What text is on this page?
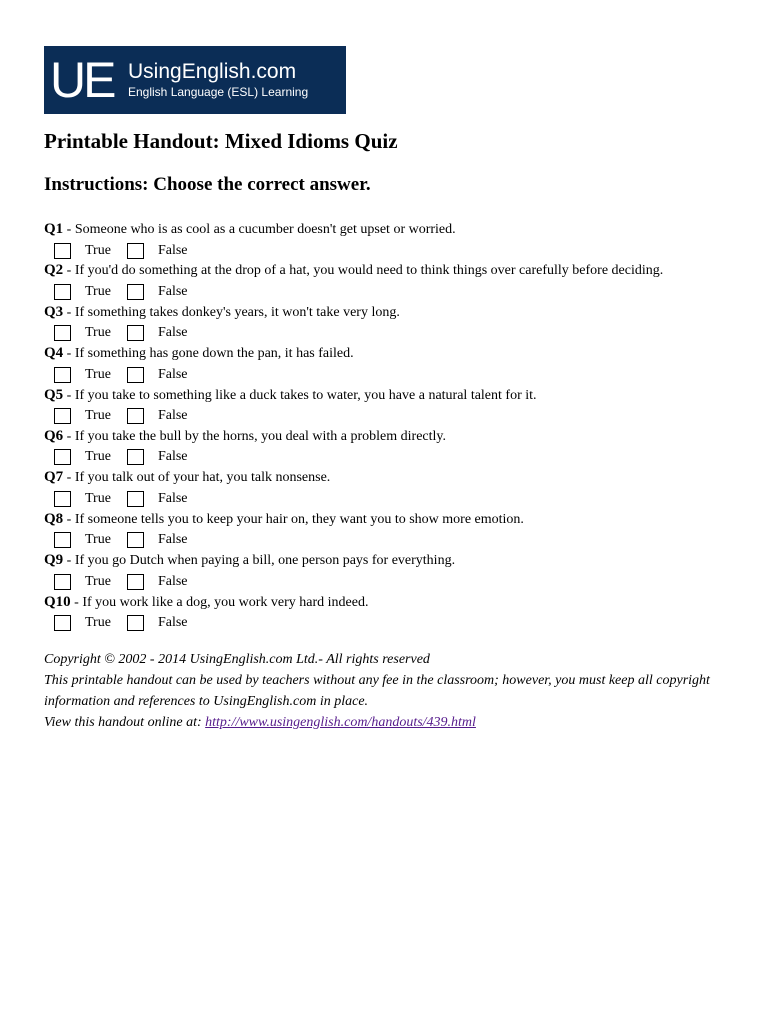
UE UsingEnglish.com
English Language (ESL) Learning
Printable Handout: Mixed Idioms Quiz
Instructions: Choose the correct answer.
Q1 - Someone who is as cool as a cucumber doesn't get upset or worried.
True	False
Q2 - If you'd do something at the drop of a hat, you would need to think things over carefully before deciding.
True	False
Q3 - If something takes donkey's years, it won't take very long.
True	False
Q4 - If something has gone down the pan, it has failed.
True	False
Q5 - If you take to something like a duck takes to water, you have a natural talent for it.
True	False
Q6 - If you take the bull by the horns, you deal with a problem directly.
True	False
Q7 - If you talk out of your hat, you talk nonsense.
True	False
Q8 - If someone tells you to keep your hair on, they want you to show more emotion.
True	False
Q9 - If you go Dutch when paying a bill, one person pays for everything.
True	False
Q10 - If you work like a dog, you work very hard indeed.
True	False
Copyright © 2002 - 2014 UsingEnglish.com Ltd.- All rights reserved
This printable handout can be used by teachers without any fee in the classroom; however, you must keep all copyright information and references to UsingEnglish.com in place.
View this handout online at: http://www.usingenglish.com/handouts/439.html
